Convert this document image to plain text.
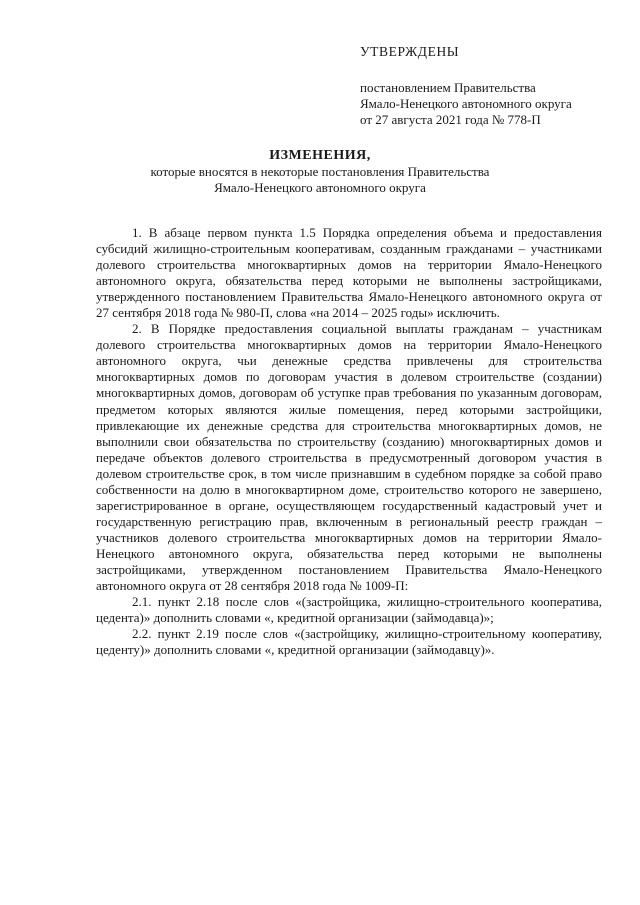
УТВЕРЖДЕНЫ
постановлением Правительства
Ямало-Ненецкого автономного округа
от 27 августа 2021 года № 778-П
ИЗМЕНЕНИЯ,
которые вносятся в некоторые постановления Правительства
Ямало-Ненецкого автономного округа

1. В абзаце первом пункта 1.5 Порядка определения объема и предоставления субсидий жилищно-строительным кооперативам, созданным гражданами – участниками долевого строительства многоквартирных домов на территории Ямало-Ненецкого автономного округа, обязательства перед которыми не выполнены застройщиками, утвержденного постановлением Правительства Ямало-Ненецкого автономного округа от 27 сентября 2018 года № 980-П, слова «на 2014 – 2025 годы» исключить.

2. В Порядке предоставления социальной выплаты гражданам – участникам долевого строительства многоквартирных домов на территории Ямало-Ненецкого автономного округа, чьи денежные средства привлечены для строительства многоквартирных домов по договорам участия в долевом строительстве (создании) многоквартирных домов, договорам об уступке прав требования по указанным договорам, предметом которых являются жилые помещения, перед которыми застройщики, привлекающие их денежные средства для строительства многоквартирных домов, не выполнили свои обязательства по строительству (созданию) многоквартирных домов и передаче объектов долевого строительства в предусмотренный договором участия в долевом строительстве срок, в том числе признавшим в судебном порядке за собой право собственности на долю в многоквартирном доме, строительство которого не завершено, зарегистрированное в органе, осуществляющем государственный кадастровый учет и государственную регистрацию прав, включенным в региональный реестр граждан – участников долевого строительства многоквартирных домов на территории Ямало-Ненецкого автономного округа, обязательства перед которыми не выполнены застройщиками, утвержденном постановлением Правительства Ямало-Ненецкого автономного округа от 28 сентября 2018 года № 1009-П:

2.1. пункт 2.18 после слов «(застройщика, жилищно-строительного кооператива, цедента)» дополнить словами «, кредитной организации (займодавца)»;

2.2. пункт 2.19 после слов «(застройщику, жилищно-строительному кооперативу, цеденту)» дополнить словами «, кредитной организации (займодавцу)».
